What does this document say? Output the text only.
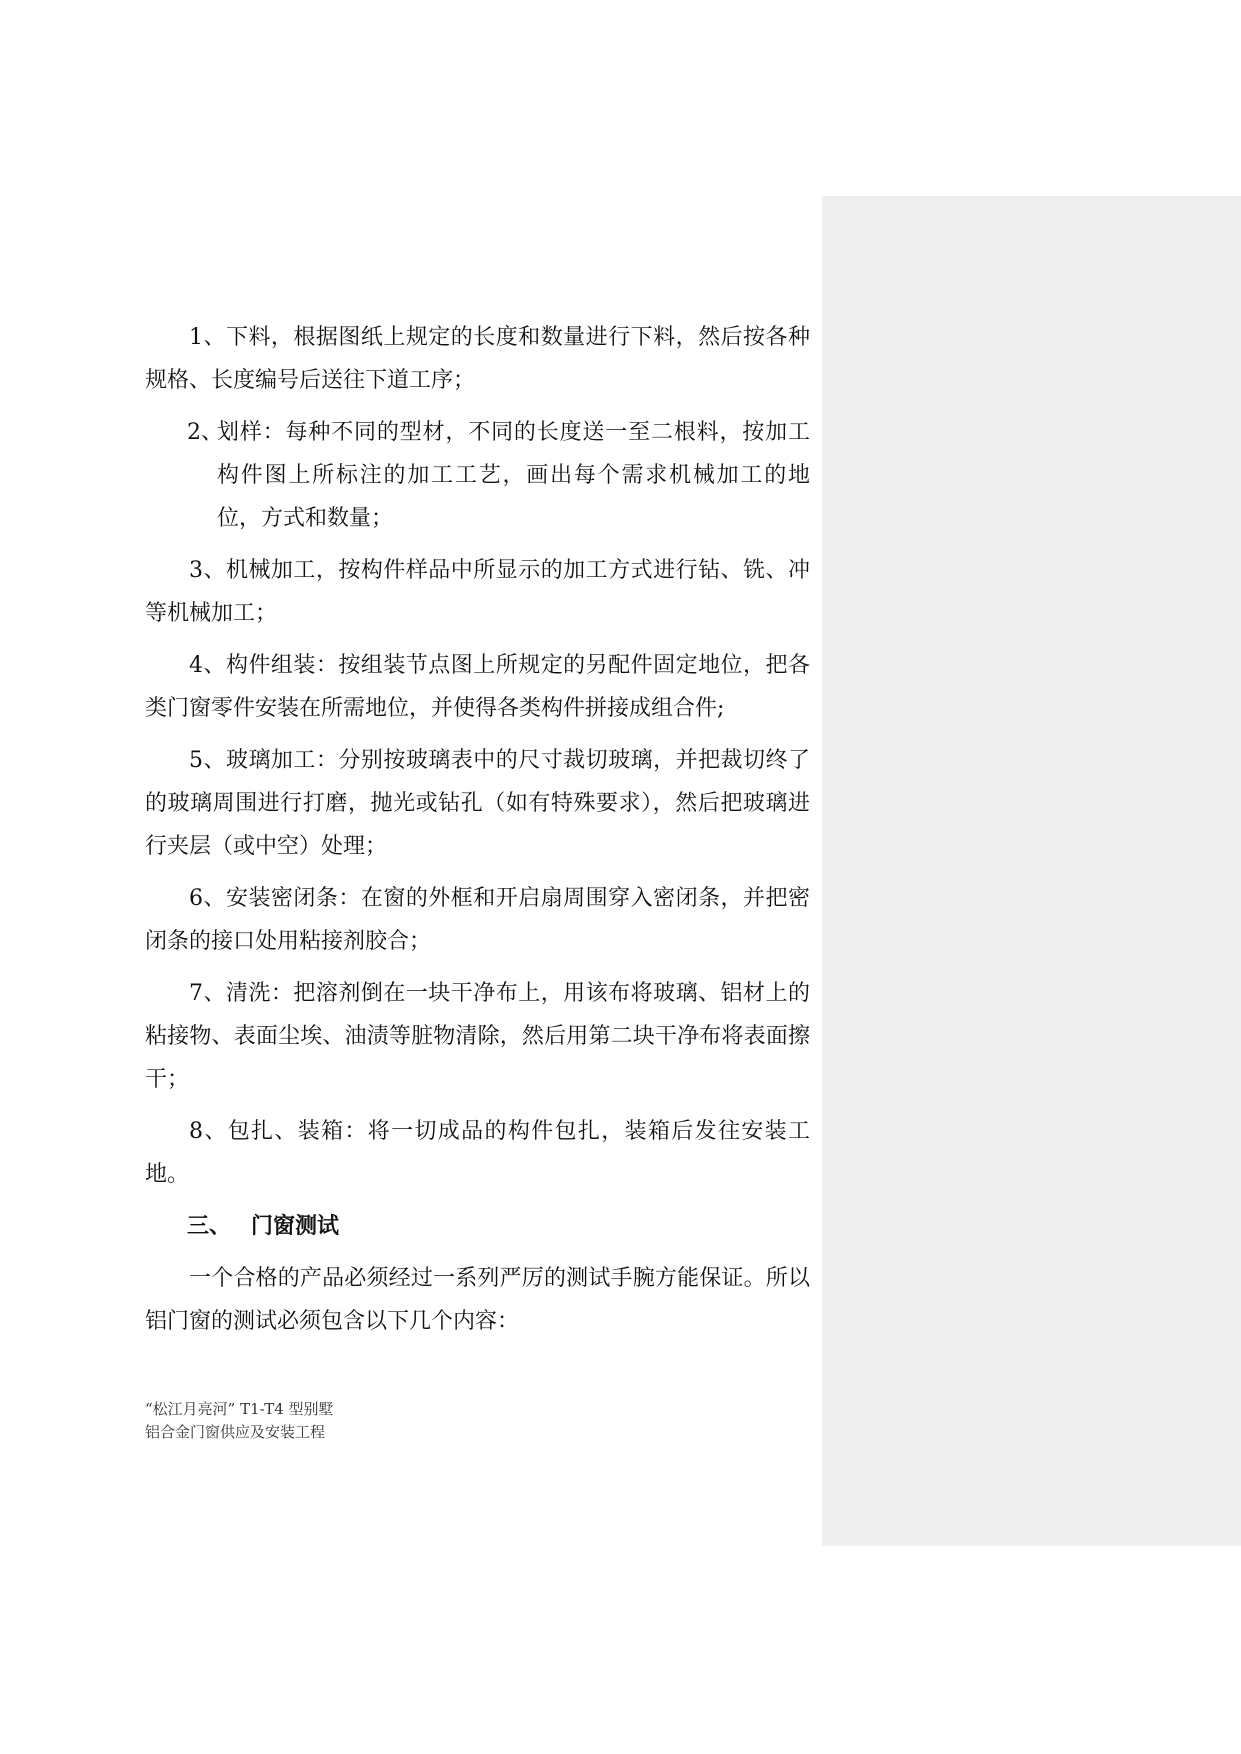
1、下料，根据图纸上规定的长度和数量进行下料，然后按各种规格、长度编号后送往下道工序；

2、
划样：每种不同的型材，不同的长度送一至二根料，按加工构件图上所标注的加工工艺，画出每个需求机械加工的地位，方式和数量；

3、机械加工，按构件样品中所显示的加工方式进行钻、铣、冲等机械加工；

4、构件组装：按组装节点图上所规定的另配件固定地位，把各类门窗零件安装在所需地位，并使得各类构件拼接成组合件;

5、玻璃加工：分别按玻璃表中的尺寸裁切玻璃，并把裁切终了的玻璃周围进行打磨，抛光或钻孔（如有特殊要求），然后把玻璃进行夹层（或中空）处理；

6、安装密闭条：在窗的外框和开启扇周围穿入密闭条，并把密闭条的接口处用粘接剂胶合；

7、清洗：把溶剂倒在一块干净布上，用该布将玻璃、铝材上的粘接物、表面尘埃、油渍等脏物清除，然后用第二块干净布将表面擦干；

8、包扎、装箱：将一切成品的构件包扎，装箱后发往安装工地。

三、 门窗测试

一个合格的产品必须经过一系列严厉的测试手腕方能保证。所以铝门窗的测试必须包含以下几个内容：

“松江月亮河” T1-T4 型别墅
铝合金门窗供应及安装工程
